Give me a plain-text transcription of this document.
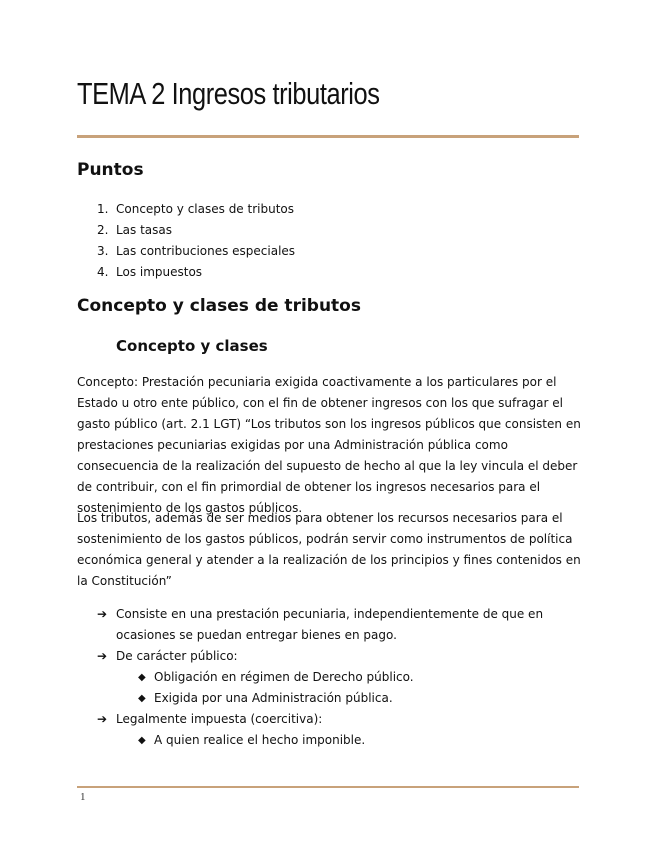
TEMA 2 Ingresos tributarios
Puntos
1. Concepto y clases de tributos
2. Las tasas
3. Las contribuciones especiales
4. Los impuestos
Concepto y clases de tributos
Concepto y clases

Concepto: Prestación pecuniaria exigida coactivamente a los particulares por el Estado u otro ente público, con el fin de obtener ingresos con los que sufragar el gasto público (art. 2.1 LGT) “Los tributos son los ingresos públicos que consisten en prestaciones pecuniarias exigidas por una Administración pública como consecuencia de la realización del supuesto de hecho al que la ley vincula el deber de contribuir, con el fin primordial de obtener los ingresos necesarios para el sostenimiento de los gastos públicos.

Los tributos, además de ser medios para obtener los recursos necesarios para el sostenimiento de los gastos públicos, podrán servir como instrumentos de política económica general y atender a la realización de los principios y fines contenidos en la Constitución”

➔ Consiste en una prestación pecuniaria, independientemente de que en ocasiones se puedan entregar bienes en pago.
➔ De carácter público:
◆ Obligación en régimen de Derecho público.
◆ Exigida por una Administración pública.
➔ Legalmente impuesta (coercitiva):
◆ A quien realice el hecho imponible.
1
